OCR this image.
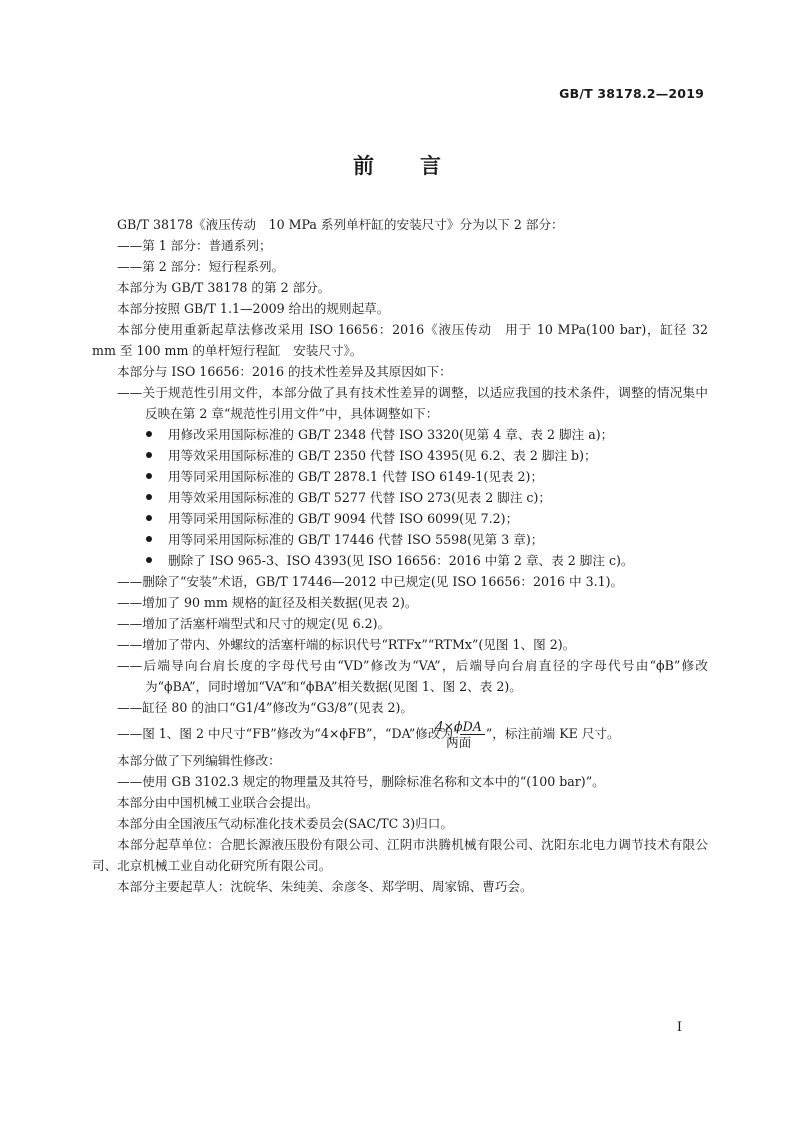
GB/T 38178.2—2019
前 言

GB/T 38178《液压传动　10 MPa 系列单杆缸的安装尺寸》分为以下 2 部分：

——第 1 部分：普通系列；

——第 2 部分：短行程系列。

本部分为 GB/T 38178 的第 2 部分。

本部分按照 GB/T 1.1—2009 给出的规则起草。

本部分使用重新起草法修改采用 ISO 16656：2016《液压传动　用于 10 MPa(100 bar)，缸径 32 mm 至 100 mm 的单杆短行程缸　安装尺寸》。

本部分与 ISO 16656：2016 的技术性差异及其原因如下：

——关于规范性引用文件，本部分做了具有技术性差异的调整，以适应我国的技术条件，调整的情况集中反映在第 2 章“规范性引用文件”中，具体调整如下：

用修改采用国际标准的 GB/T 2348 代替 ISO 3320(见第 4 章、表 2 脚注 a)；

用等效采用国际标准的 GB/T 2350 代替 ISO 4395(见 6.2、表 2 脚注 b)；

用等同采用国际标准的 GB/T 2878.1 代替 ISO 6149-1(见表 2)；

用等效采用国际标准的 GB/T 5277 代替 ISO 273(见表 2 脚注 c)；

用等同采用国际标准的 GB/T 9094 代替 ISO 6099(见 7.2)；

用等同采用国际标准的 GB/T 17446 代替 ISO 5598(见第 3 章)；

删除了 ISO 965-3、ISO 4393(见 ISO 16656：2016 中第 2 章、表 2 脚注 c)。

——删除了“安装”术语，GB/T 17446—2012 中已规定(见 ISO 16656：2016 中 3.1)。

——增加了 90 mm 规格的缸径及相关数据(见表 2)。

——增加了活塞杆端型式和尺寸的规定(见 6.2)。

——增加了带内、外螺纹的活塞杆端的标识代号“RTFx”“RTMx”(见图 1、图 2)。

——后端导向台肩长度的字母代号由“VD”修改为“VA”，后端导向台肩直径的字母代号由“ϕB”修改为“ϕBA”，同时增加“VA”和“ϕBA”相关数据(见图 1、图 2、表 2)。

——缸径 80 的油口“G1/4”修改为“G3/8”(见表 2)。

——图 1、图 2 中尺寸“FB”修改为“4×ϕFB”，“DA”修改为“ $\frac{\text{4×ϕDA}}{\text{两面}}$ ”，标注前端 KE 尺寸。

本部分做了下列编辑性修改：

——使用 GB 3102.3 规定的物理量及其符号，删除标准名称和文本中的“(100 bar)”。

本部分由中国机械工业联合会提出。

本部分由全国液压气动标准化技术委员会(SAC/TC 3)归口。

本部分起草单位：合肥长源液压股份有限公司、江阴市洪腾机械有限公司、沈阳东北电力调节技术有限公司、北京机械工业自动化研究所有限公司。

本部分主要起草人：沈皖华、朱纯美、余彦冬、郑学明、周家锦、曹巧会。

I
